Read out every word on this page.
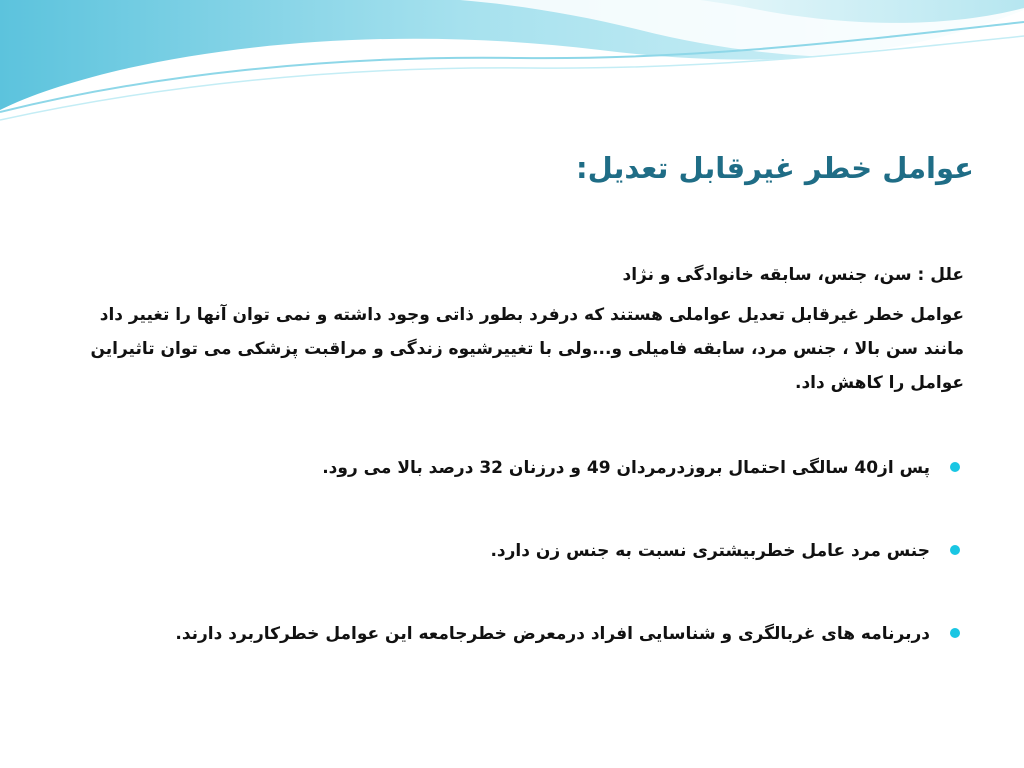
عوامل خطر غیرقابل تعدیل:

علل : سن، جنس، سابقه خانوادگی و نژاد

عوامل خطر غیرقابل تعدیل عواملی هستند که درفرد بطور ذاتی وجود داشته و نمی توان آنها را تغییر داد مانند سن بالا ، جنس مرد، سابقه فامیلی و...ولی با تغییرشیوه زندگی و مراقبت پزشکی می توان تاثیراین عوامل را کاهش داد.

پس از40 سالگی احتمال بروزدرمردان 49 و درزنان 32 درصد بالا می رود.
جنس مرد عامل خطربیشتری نسبت به جنس زن دارد.
دربرنامه های غربالگری و شناسایی افراد درمعرض خطرجامعه این عوامل خطرکاربرد دارند.
